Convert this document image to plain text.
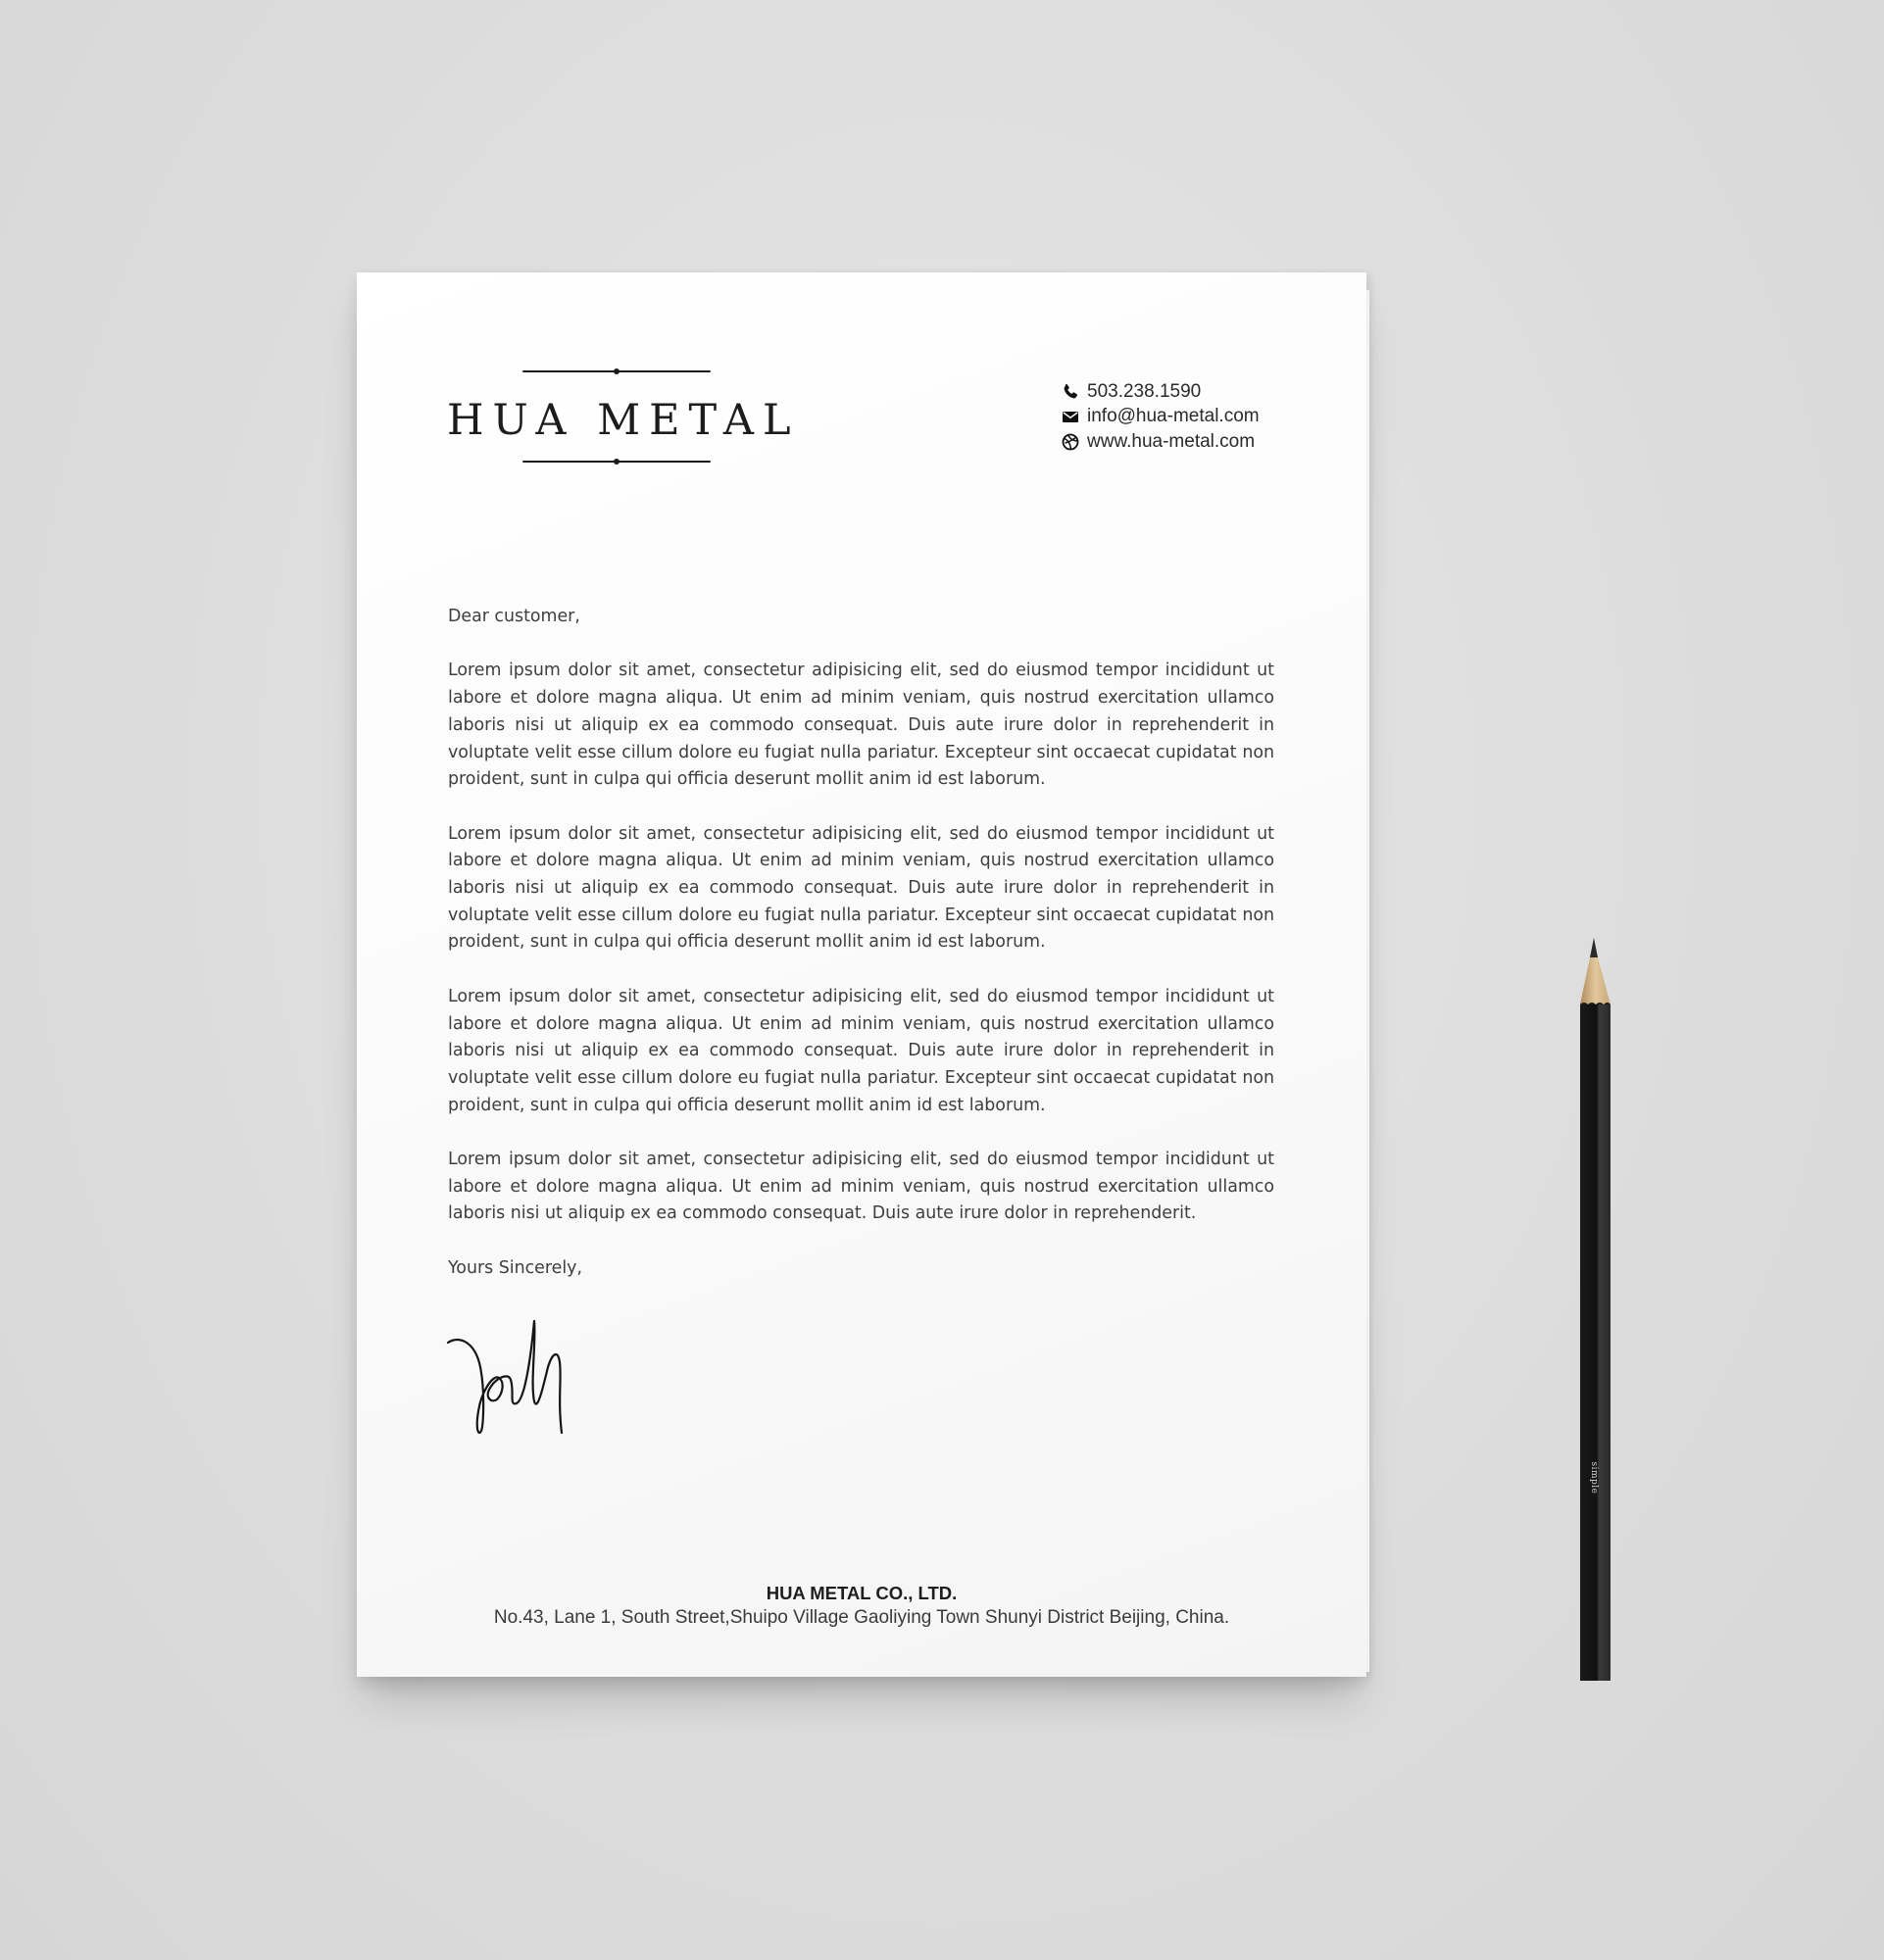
HUA METAL
503.238.1590
info@hua-metal.com
www.hua-metal.com

Dear customer,

Lorem ipsum dolor sit amet, consectetur adipisicing elit, sed do eiusmod tempor incididunt ut labore et dolore magna aliqua. Ut enim ad minim veniam, quis nostrud exercitation ullamco laboris nisi ut aliquip ex ea commodo consequat. Duis aute irure dolor in reprehenderit in voluptate velit esse cillum dolore eu fugiat nulla pariatur. Excepteur sint occaecat cupidatat non proident, sunt in culpa qui officia deserunt mollit anim id est laborum.

Lorem ipsum dolor sit amet, consectetur adipisicing elit, sed do eiusmod tempor incididunt ut labore et dolore magna aliqua. Ut enim ad minim veniam, quis nostrud exercitation ullamco laboris nisi ut aliquip ex ea commodo consequat. Duis aute irure dolor in reprehenderit in voluptate velit esse cillum dolore eu fugiat nulla pariatur. Excepteur sint occaecat cupidatat non proident, sunt in culpa qui officia deserunt mollit anim id est laborum.

Lorem ipsum dolor sit amet, consectetur adipisicing elit, sed do eiusmod tempor incididunt ut labore et dolore magna aliqua. Ut enim ad minim veniam, quis nostrud exercitation ullamco laboris nisi ut aliquip ex ea commodo consequat. Duis aute irure dolor in reprehenderit in voluptate velit esse cillum dolore eu fugiat nulla pariatur. Excepteur sint occaecat cupidatat non proident, sunt in culpa qui officia deserunt mollit anim id est laborum.

Lorem ipsum dolor sit amet, consectetur adipisicing elit, sed do eiusmod tempor incididunt ut labore et dolore magna aliqua. Ut enim ad minim veniam, quis nostrud exercitation ullamco laboris nisi ut aliquip ex ea commodo consequat. Duis aute irure dolor in reprehenderit.

Yours Sincerely,

HUA METAL CO., LTD.
No.43, Lane 1, South Street,Shuipo Village Gaoliying Town Shunyi District Beijing, China.
simple
